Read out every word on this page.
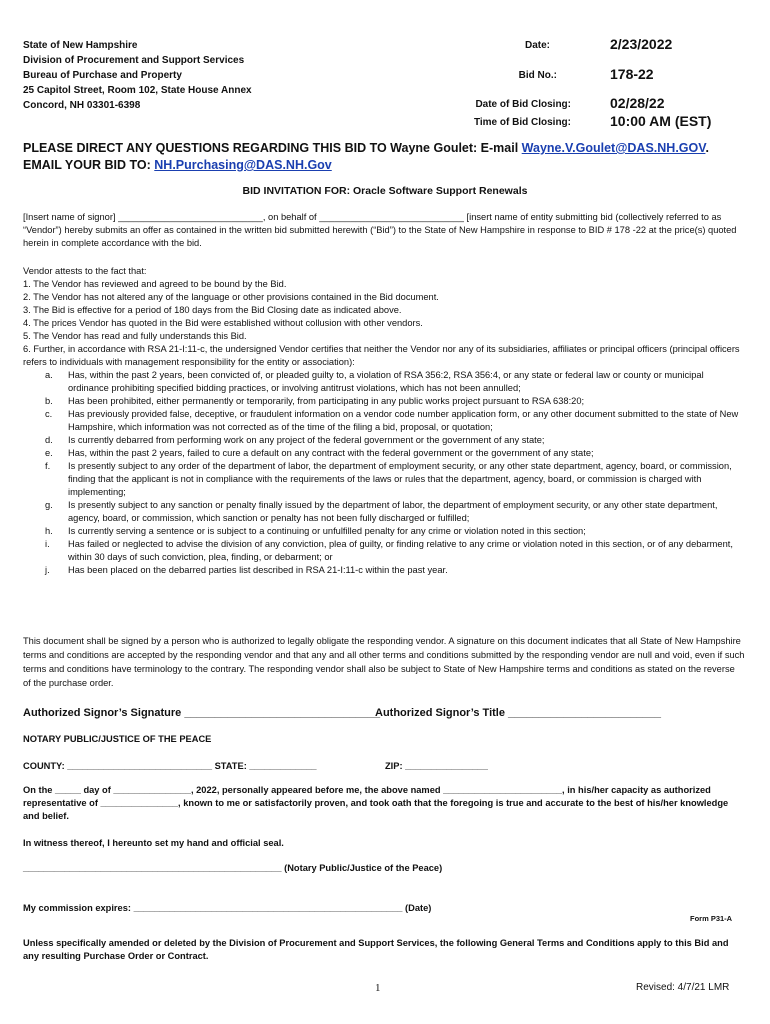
State of New Hampshire
Division of Procurement and Support Services
Bureau of Purchase and Property
25 Capitol Street, Room 102, State House Annex
Concord, NH 03301-6398
Date:	2/23/2022
Bid No.:	178-22
Date of Bid Closing:	02/28/22
Time of Bid Closing:	10:00 AM (EST)
PLEASE DIRECT ANY QUESTIONS REGARDING THIS BID TO Wayne Goulet: E-mail Wayne.V.Goulet@DAS.NH.GOV.
EMAIL YOUR BID TO: NH.Purchasing@DAS.NH.Gov
BID INVITATION FOR: Oracle Software Support Renewals
[Insert name of signor] ____________________________, on behalf of ____________________________ [insert name of entity submitting bid (collectively referred to as “Vendor”) hereby submits an offer as contained in the written bid submitted herewith (“Bid”) to the State of New Hampshire in response to BID # 178 -22 at the price(s) quoted herein in complete accordance with the bid.
Vendor attests to the fact that:
1. The Vendor has reviewed and agreed to be bound by the Bid.
2. The Vendor has not altered any of the language or other provisions contained in the Bid document.
3. The Bid is effective for a period of 180 days from the Bid Closing date as indicated above.
4. The prices Vendor has quoted in the Bid were established without collusion with other vendors.
5. The Vendor has read and fully understands this Bid.
6. Further, in accordance with RSA 21-I:11-c, the undersigned Vendor certifies that neither the Vendor nor any of its subsidiaries, affiliates or principal officers (principal officers refers to individuals with management responsibility for the entity or association):
a. Has, within the past 2 years, been convicted of, or pleaded guilty to, a violation of RSA 356:2, RSA 356:4, or any state or federal law or county or municipal ordinance prohibiting specified bidding practices, or involving antitrust violations, which has not been annulled;
b. Has been prohibited, either permanently or temporarily, from participating in any public works project pursuant to RSA 638:20;
c. Has previously provided false, deceptive, or fraudulent information on a vendor code number application form, or any other document submitted to the state of New Hampshire, which information was not corrected as of the time of the filing a bid, proposal, or quotation;
d. Is currently debarred from performing work on any project of the federal government or the government of any state;
e. Has, within the past 2 years, failed to cure a default on any contract with the federal government or the government of any state;
f. Is presently subject to any order of the department of labor, the department of employment security, or any other state department, agency, board, or commission, finding that the applicant is not in compliance with the requirements of the laws or rules that the department, agency, board, or commission is charged with implementing;
g. Is presently subject to any sanction or penalty finally issued by the department of labor, the department of employment security, or any other state department, agency, board, or commission, which sanction or penalty has not been fully discharged or fulfilled;
h. Is currently serving a sentence or is subject to a continuing or unfulfilled penalty for any crime or violation noted in this section;
i. Has failed or neglected to advise the division of any conviction, plea of guilty, or finding relative to any crime or violation noted in this section, or of any debarment, within 30 days of such conviction, plea, finding, or debarment; or
j. Has been placed on the debarred parties list described in RSA 21-I:11-c within the past year.
This document shall be signed by a person who is authorized to legally obligate the responding vendor. A signature on this document indicates that all State of New Hampshire terms and conditions are accepted by the responding vendor and that any and all other terms and conditions submitted by the responding vendor are null and void, even if such terms and conditions have terminology to the contrary. The responding vendor shall also be subject to State of New Hampshire terms and conditions as stated on the reverse of the purchase order.
Authorized Signor’s Signature ________________________________
Authorized Signor’s Title _________________________
NOTARY PUBLIC/JUSTICE OF THE PEACE
COUNTY: ____________________________ STATE: _____________	ZIP: ________________
On the _____ day of _______________, 2022, personally appeared before me, the above named _______________________, in his/her capacity as authorized representative of _______________, known to me or satisfactorily proven, and took oath that the foregoing is true and accurate to the best of his/her knowledge and belief.
In witness thereof, I hereunto set my hand and official seal.
__________________________________________________ (Notary Public/Justice of the Peace)
My commission expires: ____________________________________________________ (Date)
Form P31-A
Unless specifically amended or deleted by the Division of Procurement and Support Services, the following General Terms and Conditions apply to this Bid and any resulting Purchase Order or Contract.
1	Revised: 4/7/21 LMR
